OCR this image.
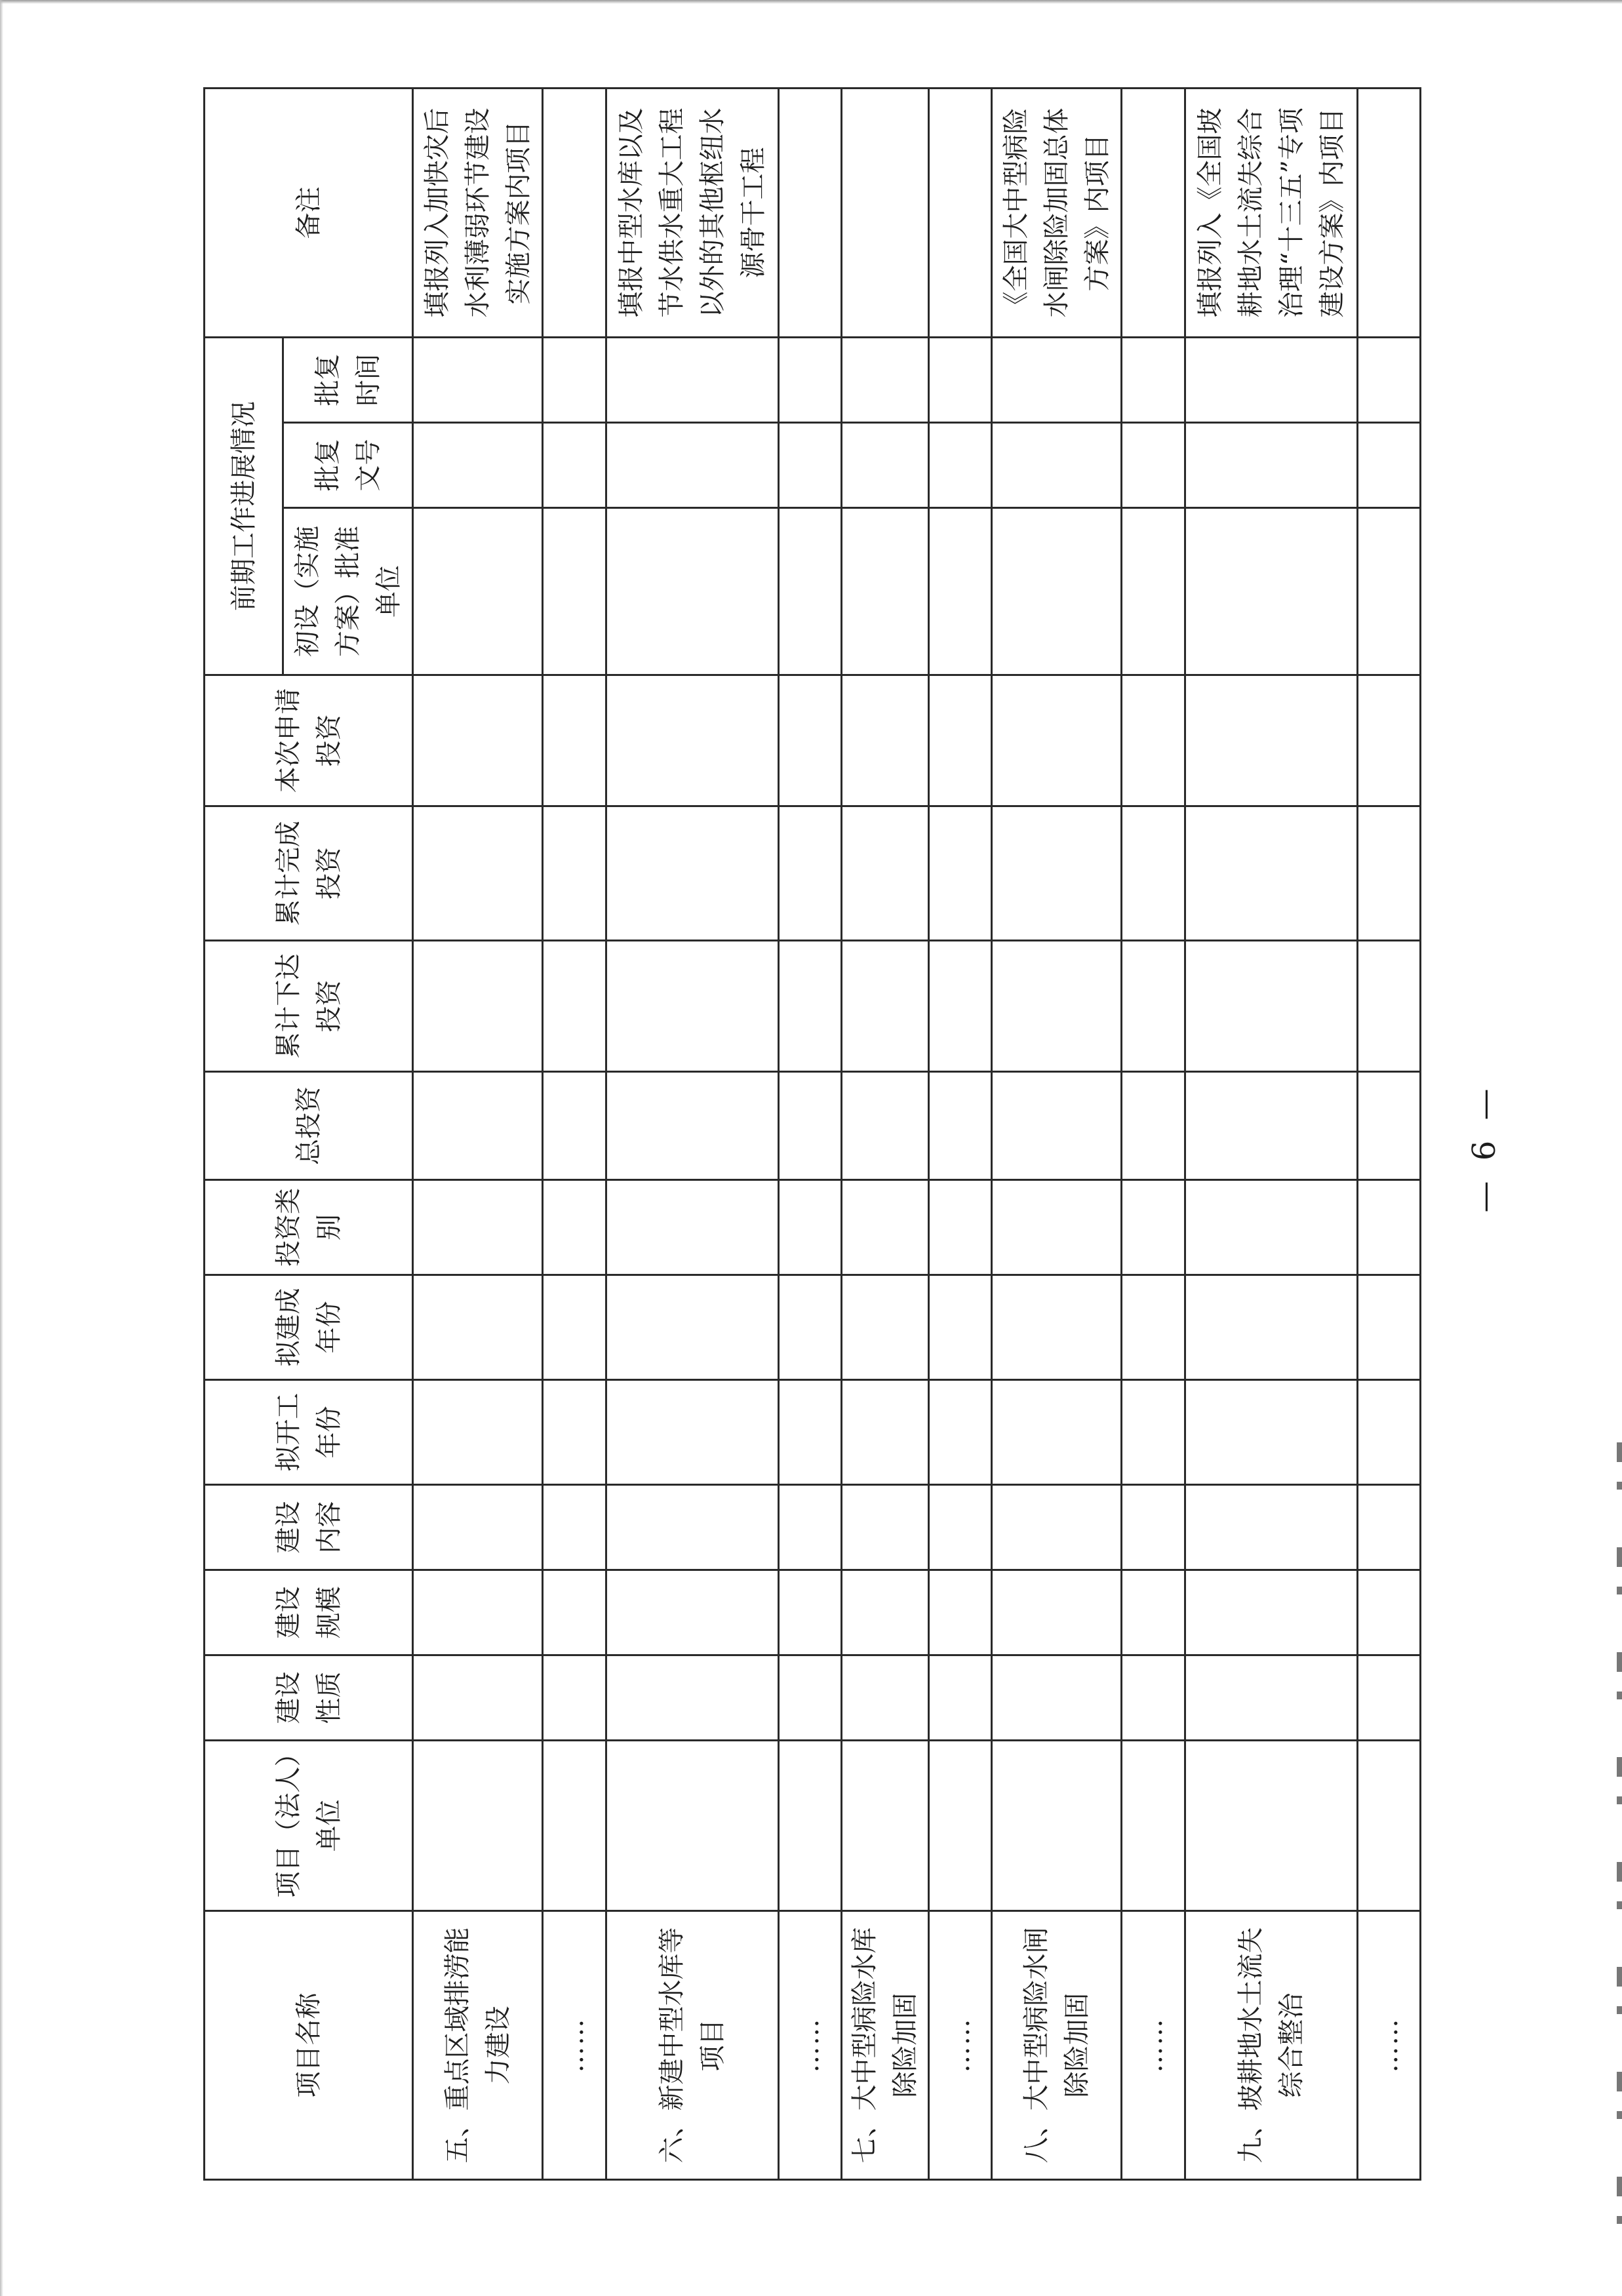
项目名称	项目（法人）单位	建设性质	建设规模	建设内容	拟开工年份	拟建成年份	投资类别	总投资	累计下达投资	累计完成投资	本次申请投资	前期工作进展情况			备注
												初设（实施方案）批准单位	批复文号	批复时间	
五、重点区域排涝能力建设															填报列入加快灾后水利薄弱环节建设实施方案内项目
……															
六、新建中型水库等项目															填报中型水库以及节水供水重大工程以外的其他枢纽水源骨干工程
……															
七、大中型病险水库除险加固															
……															
八、大中型病险水闸除险加固															《全国大中型病险水闸除险加固总体方案》内项目
……															
九、坡耕地水土流失综合整治															填报列入《全国坡耕地水土流失综合治理“十三五”专项建设方案》内项目
……															
— 6 —
